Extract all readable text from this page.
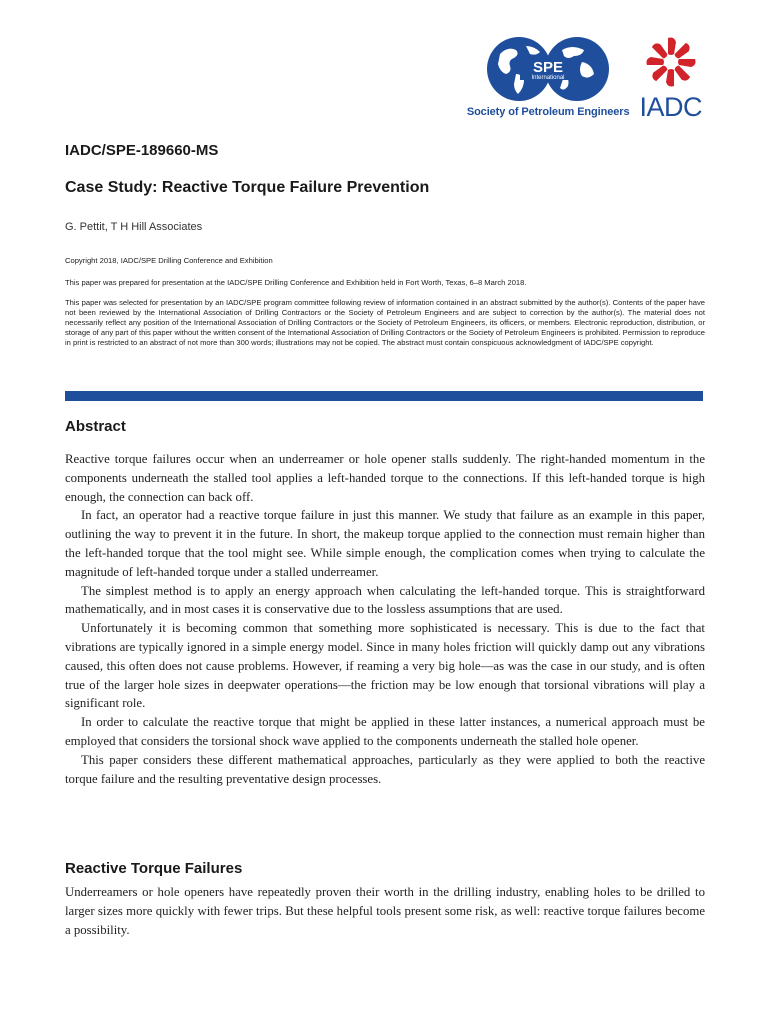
SPE
International
Society of Petroleum Engineers IADC
IADC/SPE-189660-MS
Case Study: Reactive Torque Failure Prevention
G. Pettit, T H Hill Associates
Copyright 2018, IADC/SPE Drilling Conference and Exhibition
This paper was prepared for presentation at the IADC/SPE Drilling Conference and Exhibition held in Fort Worth, Texas, 6–8 March 2018.
This paper was selected for presentation by an IADC/SPE program committee following review of information contained in an abstract submitted by the author(s). Contents of the paper have not been reviewed by the International Association of Drilling Contractors or the Society of Petroleum Engineers and are subject to correction by the author(s). The material does not necessarily reflect any position of the International Association of Drilling Contractors or the Society of Petroleum Engineers, its officers, or members. Electronic reproduction, distribution, or storage of any part of this paper without the written consent of the International Association of Drilling Contractors or the Society of Petroleum Engineers is prohibited. Permission to reproduce in print is restricted to an abstract of not more than 300 words; illustrations may not be copied. The abstract must contain conspicuous acknowledgment of IADC/SPE copyright.
Abstract

Reactive torque failures occur when an underreamer or hole opener stalls suddenly. The right-handed momentum in the components underneath the stalled tool applies a left-handed torque to the connections. If this left-handed torque is high enough, the connection can back off.

In fact, an operator had a reactive torque failure in just this manner. We study that failure as an example in this paper, outlining the way to prevent it in the future. In short, the makeup torque applied to the connection must remain higher than the left-handed torque that the tool might see. While simple enough, the complication comes when trying to calculate the magnitude of left-handed torque under a stalled underreamer.

The simplest method is to apply an energy approach when calculating the left-handed torque. This is straightforward mathematically, and in most cases it is conservative due to the lossless assumptions that are used.

Unfortunately it is becoming common that something more sophisticated is necessary. This is due to the fact that vibrations are typically ignored in a simple energy model. Since in many holes friction will quickly damp out any vibrations caused, this often does not cause problems. However, if reaming a very big hole—as was the case in our study, and is often true of the larger hole sizes in deepwater operations—the friction may be low enough that torsional vibrations will play a significant role.

In order to calculate the reactive torque that might be applied in these latter instances, a numerical approach must be employed that considers the torsional shock wave applied to the components underneath the stalled hole opener.

This paper considers these different mathematical approaches, particularly as they were applied to both the reactive torque failure and the resulting preventative design processes.

Reactive Torque Failures

Underreamers or hole openers have repeatedly proven their worth in the drilling industry, enabling holes to be drilled to larger sizes more quickly with fewer trips. But these helpful tools present some risk, as well: reactive torque failures become a possibility.
